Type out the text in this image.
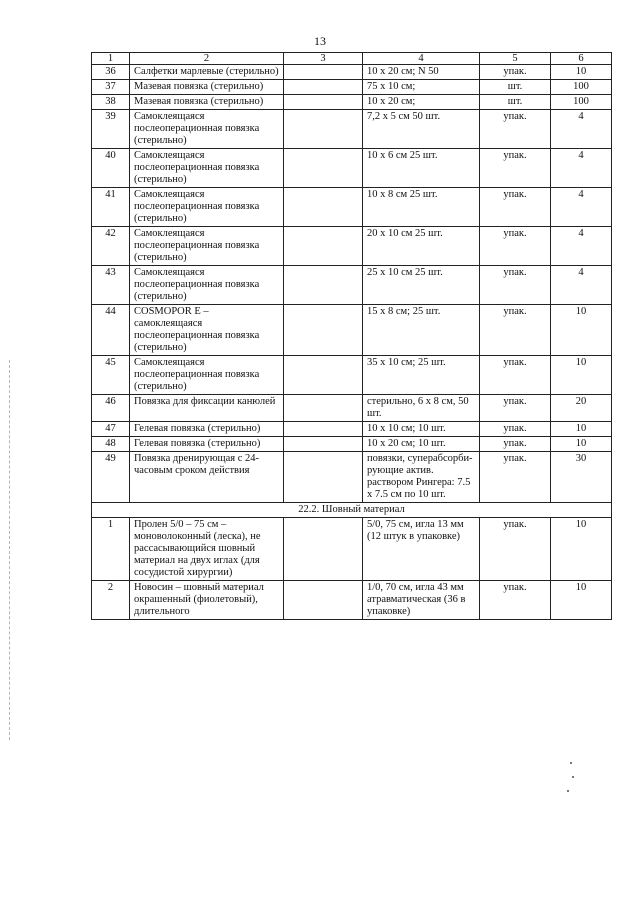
13
1	2	3	4	5	6
36	Салфетки марлевые (стерильно)		10 x 20 см; N 50	упак.	10
37	Мазевая повязка (стерильно)		75 x 10 см;	шт.	100
38	Мазевая повязка (стерильно)		10 x 20 см;	шт.	100
39	Самоклеящаяся послеоперационная повязка (стерильно)		7,2 x 5 см 50 шт.	упак.	4
40	Самоклеящаяся послеоперационная повязка (стерильно)		10 x 6 см 25 шт.	упак.	4
41	Самоклеящаяся послеоперационная повязка (стерильно)		10 x 8 см 25 шт.	упак.	4
42	Самоклеящаяся послеоперационная повязка (стерильно)		20 x 10 см 25 шт.	упак.	4
43	Самоклеящаяся послеоперационная повязка (стерильно)		25 x 10 см 25 шт.	упак.	4
44	COSMOPOR E – самоклеящаяся послеоперационная повязка (стерильно)		15 x 8 см; 25 шт.	упак.	10
45	Самоклеящаяся послеоперационная повязка (стерильно)		35 x 10 см; 25 шт.	упак.	10
46	Повязка для фиксации канюлей		стерильно, 6 x 8 см, 50 шт.	упак.	20
47	Гелевая повязка (стерильно)		10 x 10 см; 10 шт.	упак.	10
48	Гелевая повязка (стерильно)		10 x 20 см; 10 шт.	упак.	10
49	Повязка дренирующая с 24-часовым сроком действия		повязки, суперабсорби-рующие актив. раствором Рингера: 7.5 x 7.5 см по 10 шт.	упак.	30
22.2. Шовный материал					
1	Пролен 5/0 – 75 см – моноволоконный (леска), не рассасывающийся шовный материал на двух иглах (для сосудистой хирургии)		5/0, 75 см, игла 13 мм (12 штук в упаковке)	упак.	10
2	Новосин – шовный материал окрашенный (фиолетовый), длительного		1/0, 70 см, игла 43 мм атравматическая (36 в упаковке)	упак.	10
